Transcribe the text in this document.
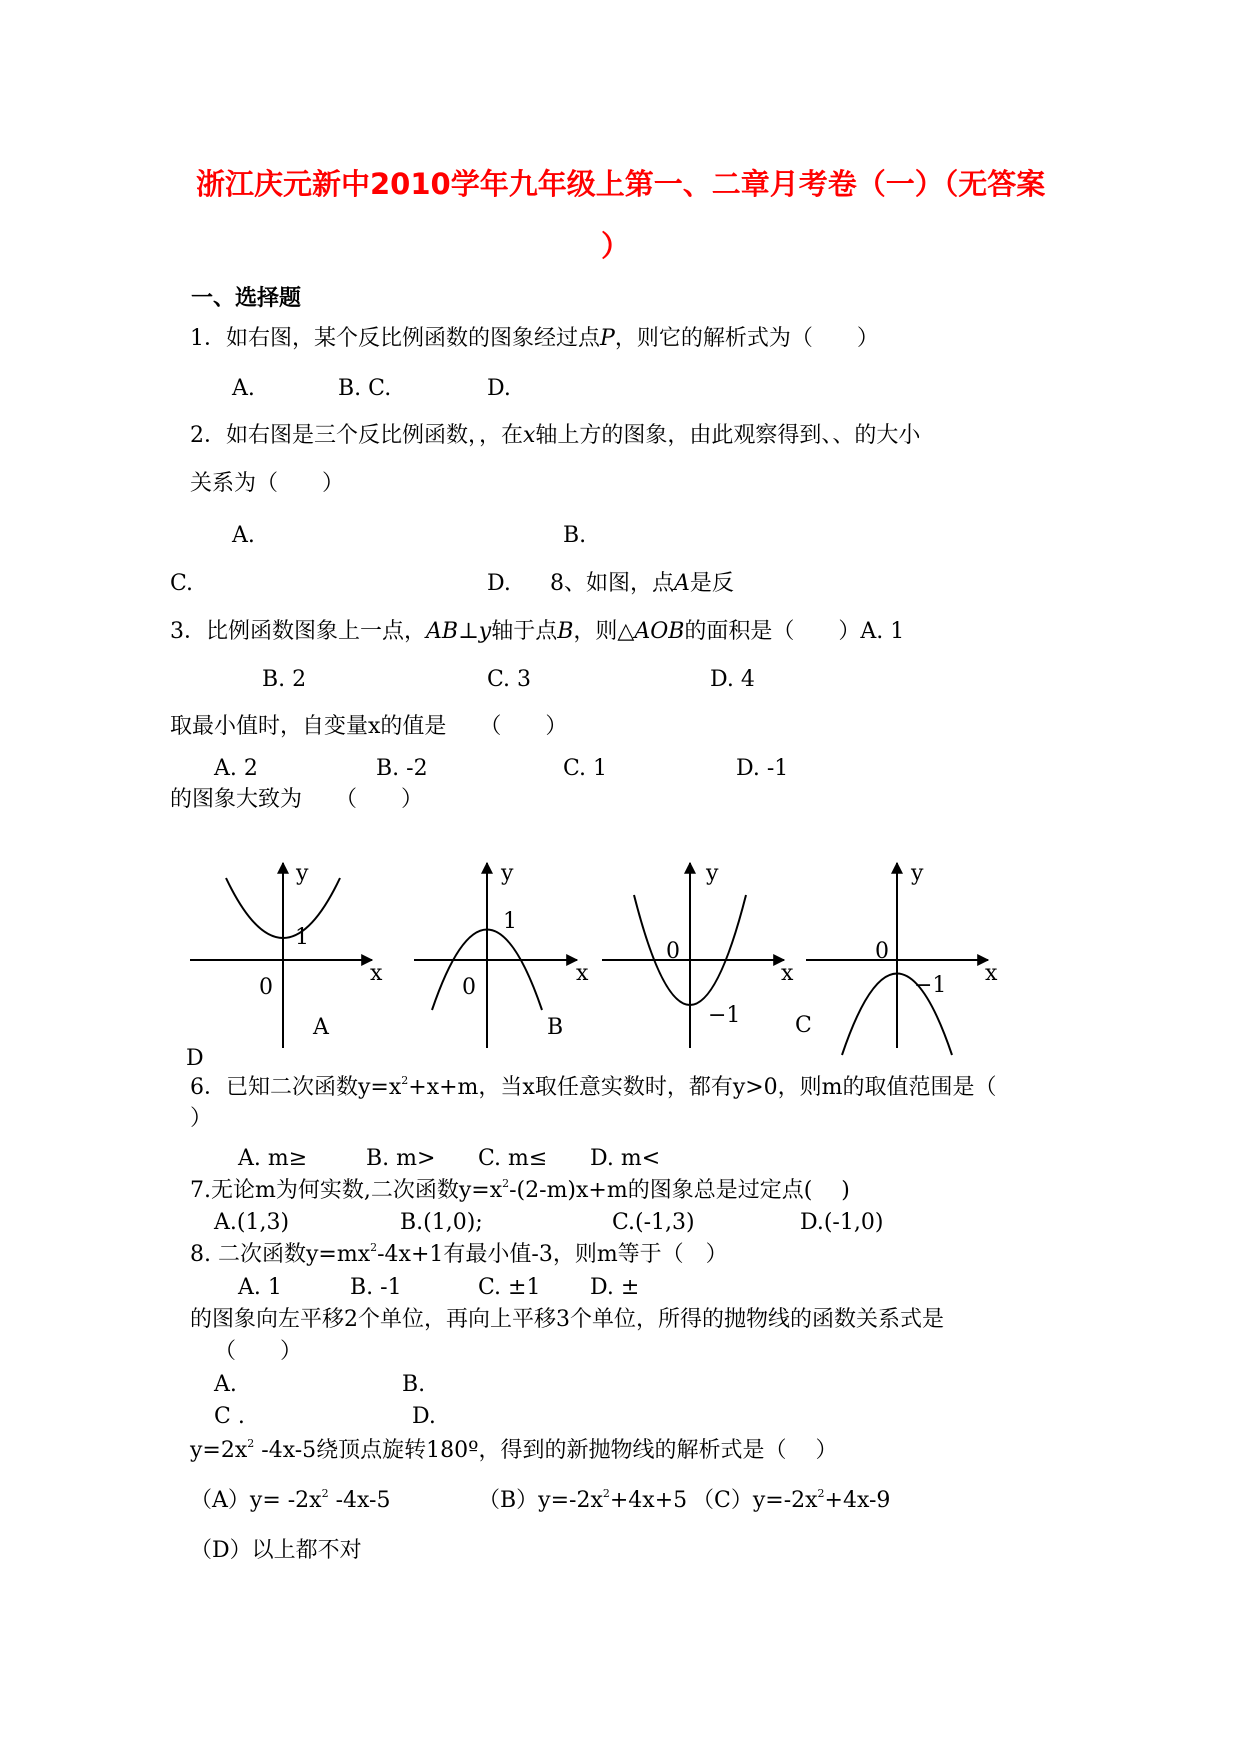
浙江庆元新中2010学年九年级上第一、二章月考卷（一）（无答案
）
一、选择题
1．如右图，某个反比例函数的图象经过点P，则它的解析式为（　　）
A.	B. C.	D.
2．如右图是三个反比例函数，，在x轴上方的图象，由此观察得到、、的大小
关系为（　　）
A.	B.
C.	D. 8、如图，点A是反
3．比例函数图象上一点，AB⊥y轴于点B，则△AOB的面积是（　　）A. 1
B. 2	C. 3	D. 4
取最小值时，自变量x的值是　　（　　）
A. 2	B. -2	C. 1	D. -1
的图象大致为　　（　　）
y
x
0
1
A
y
x
0
1
B
y
x
0
−1 C
y
x
0
−1
D
6．已知二次函数$y=x^2+x+m$，当x取任意实数时，都有y>0，则m的取值范围是（
）
A. m≥	B. m> C. m≤ D. m<
7.无论m为何实数,二次函数$y=x^2-(2-m)x+m$的图象总是过定点(　 )
A.(1,3)	B.(1,0);	C.(-1,3)	D.(-1,0)
8. 二次函数$y=mx^2-4x+1$有最小值-3，则m等于（　）
A. 1	B. -1	C. ±1 D. ±
的图象向左平移2个单位，再向上平移3个单位，所得的抛物线的函数关系式是
（　　）
A.	B.
C .	D.
$y=2x^2$ -4x-5绕顶点旋转180º，得到的新抛物线的解析式是（　 ）
$(A)y= -2x^2$ -4x-5	$(B)y=-2x^2+4x+5$ $(C)y=-2x^2+4x-9$
（D）以上都不对
